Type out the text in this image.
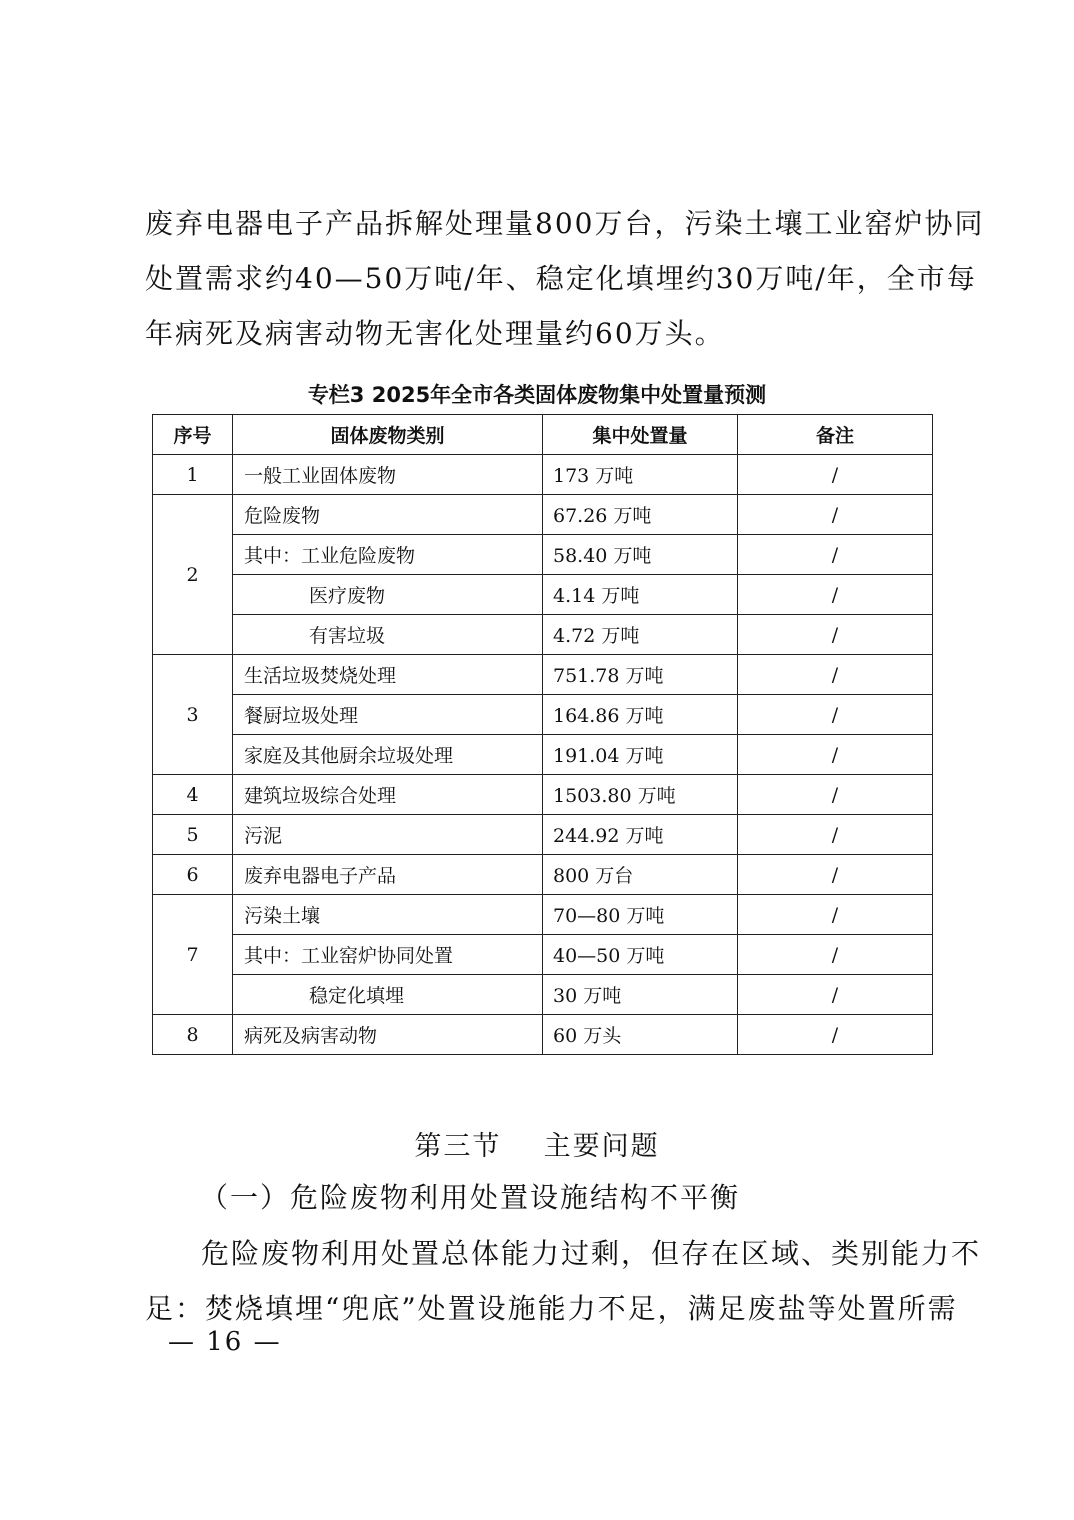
废弃电器电子产品拆解处理量800万台，污染土壤工业窑炉协同
处置需求约40—50万吨/年、稳定化填埋约30万吨/年，全市每
年病死及病害动物无害化处理量约60万头。
专栏3 2025年全市各类固体废物集中处置量预测
序号	固体废物类别	集中处置量	备注
1	一般工业固体废物	173 万吨	/
2	危险废物	67.26 万吨	/
	其中：工业危险废物	58.40 万吨	/
	医疗废物	4.14 万吨	/
	有害垃圾	4.72 万吨	/
3	生活垃圾焚烧处理	751.78 万吨	/
	餐厨垃圾处理	164.86 万吨	/
	家庭及其他厨余垃圾处理	191.04 万吨	/
4	建筑垃圾综合处理	1503.80 万吨	/
5	污泥	244.92 万吨	/
6	废弃电器电子产品	800 万台	/
7	污染土壤	70—80 万吨	/
	其中：工业窑炉协同处置	40—50 万吨	/
	稳定化填埋	30 万吨	/
8	病死及病害动物	60 万头	/
第三节    主要问题
（一）危险废物利用处置设施结构不平衡
危险废物利用处置总体能力过剩，但存在区域、类别能力不
足：焚烧填埋“兜底”处置设施能力不足，满足废盐等处置所需
— 16 —
